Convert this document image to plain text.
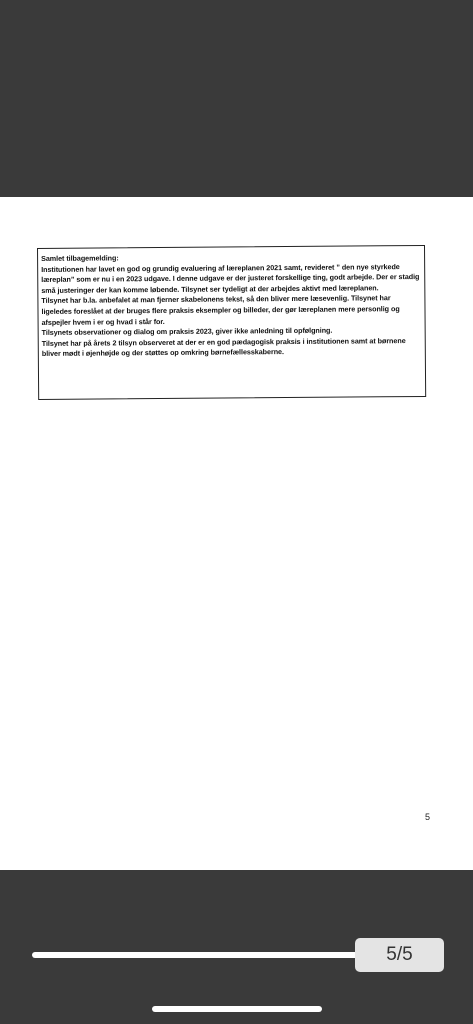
Samlet tilbagemelding:

Institutionen har lavet en god og grundig evaluering af læreplanen 2021 samt, revideret ” den nye styrkede læreplan” som er nu i en 2023 udgave. I denne udgave er der justeret forskellige ting, godt arbejde. Der er stadig små justeringer der kan komme løbende. Tilsynet ser tydeligt at der arbejdes aktivt med læreplanen.

Tilsynet har b.la. anbefalet at man fjerner skabelonens tekst, så den bliver mere læsevenlig. Tilsynet har ligeledes foreslået at der bruges flere praksis eksempler og billeder, der gør læreplanen mere personlig og afspejler hvem i er og hvad i står for.

Tilsynets observationer og dialog om praksis 2023, giver ikke anledning til opfølgning.

Tilsynet har på årets 2 tilsyn observeret at der er en god pædagogisk praksis i institutionen samt at børnene bliver mødt i øjenhøjde og der støttes op omkring børnefællesskaberne.

5
5/5
